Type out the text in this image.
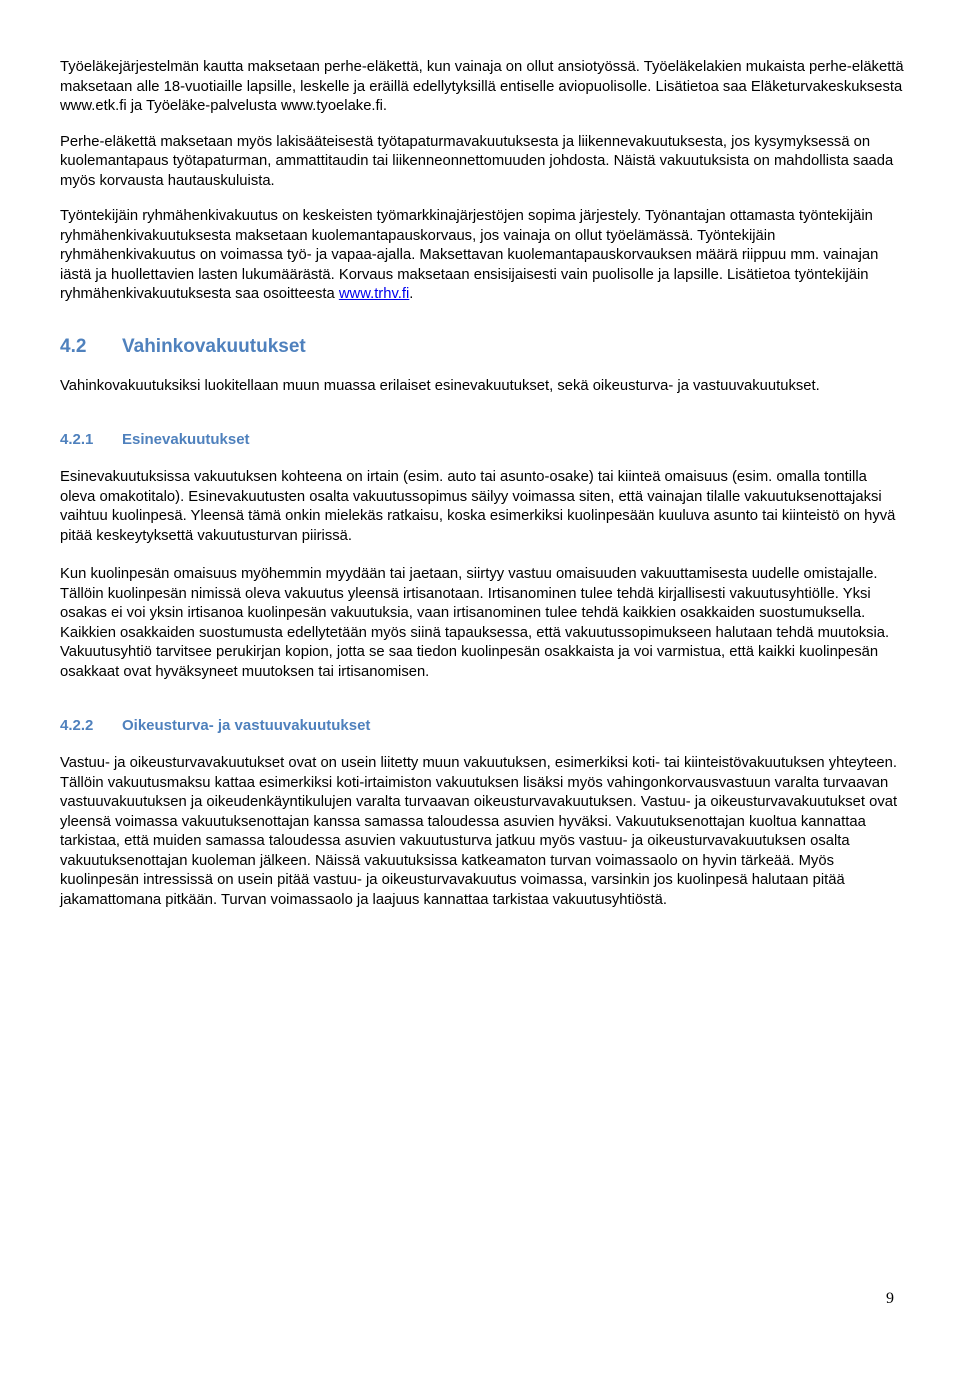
Työeläkejärjestelmän kautta maksetaan perhe-eläkettä, kun vainaja on ollut ansiotyössä. Työeläkelakien mukaista perhe-eläkettä maksetaan alle 18-vuotiaille lapsille, leskelle ja eräillä edellytyksillä entiselle aviopuolisolle. Lisätietoa saa Eläketurvakeskuksesta www.etk.fi ja Työeläke-palvelusta www.tyoelake.fi.

Perhe-eläkettä maksetaan myös lakisääteisestä työtapaturmavakuutuksesta ja liikennevakuutuksesta, jos kysymyksessä on kuolemantapaus työtapaturman, ammattitaudin tai liikenneonnettomuuden johdosta. Näistä vakuutuksista on mahdollista saada myös korvausta hautauskuluista.

Työntekijäin ryhmähenkivakuutus on keskeisten työmarkkinajärjestöjen sopima järjestely. Työnantajan ottamasta työntekijäin ryhmähenkivakuutuksesta maksetaan kuolemantapauskorvaus, jos vainaja on ollut työelämässä. Työntekijäin ryhmähenkivakuutus on voimassa työ- ja vapaa-ajalla. Maksettavan kuolemantapauskorvauksen määrä riippuu mm. vainajan iästä ja huollettavien lasten lukumäärästä. Korvaus maksetaan ensisijaisesti vain puolisolle ja lapsille. Lisätietoa työntekijäin ryhmähenkivakuutuksesta saa osoitteesta www.trhv.fi.

4.2 Vahinkovakuutukset

Vahinkovakuutuksiksi luokitellaan muun muassa erilaiset esinevakuutukset, sekä oikeusturva- ja vastuuvakuutukset.

4.2.1 Esinevakuutukset

Esinevakuutuksissa vakuutuksen kohteena on irtain (esim. auto tai asunto-osake) tai kiinteä omaisuus (esim. omalla tontilla oleva omakotitalo). Esinevakuutusten osalta vakuutussopimus säilyy voimassa siten, että vainajan tilalle vakuutuksenottajaksi vaihtuu kuolinpesä. Yleensä tämä onkin mielekäs ratkaisu, koska esimerkiksi kuolinpesään kuuluva asunto tai kiinteistö on hyvä pitää keskeytyksettä vakuutusturvan piirissä.

Kun kuolinpesän omaisuus myöhemmin myydään tai jaetaan, siirtyy vastuu omaisuuden vakuuttamisesta uudelle omistajalle. Tällöin kuolinpesän nimissä oleva vakuutus yleensä irtisanotaan. Irtisanominen tulee tehdä kirjallisesti vakuutusyhtiölle. Yksi osakas ei voi yksin irtisanoa kuolinpesän vakuutuksia, vaan irtisanominen tulee tehdä kaikkien osakkaiden suostumuksella. Kaikkien osakkaiden suostumusta edellytetään myös siinä tapauksessa, että vakuutussopimukseen halutaan tehdä muutoksia. Vakuutusyhtiö tarvitsee perukirjan kopion, jotta se saa tiedon kuolinpesän osakkaista ja voi varmistua, että kaikki kuolinpesän osakkaat ovat hyväksyneet muutoksen tai irtisanomisen.

4.2.2 Oikeusturva- ja vastuuvakuutukset

Vastuu- ja oikeusturvavakuutukset ovat on usein liitetty muun vakuutuksen, esimerkiksi koti- tai kiinteistövakuutuksen yhteyteen. Tällöin vakuutusmaksu kattaa esimerkiksi koti-irtaimiston vakuutuksen lisäksi myös vahingonkorvausvastuun varalta turvaavan vastuuvakuutuksen ja oikeudenkäyntikulujen varalta turvaavan oikeusturvavakuutuksen. Vastuu- ja oikeusturvavakuutukset ovat yleensä voimassa vakuutuksenottajan kanssa samassa taloudessa asuvien hyväksi. Vakuutuksenottajan kuoltua kannattaa tarkistaa, että muiden samassa taloudessa asuvien vakuutusturva jatkuu myös vastuu- ja oikeusturvavakuutuksen osalta vakuutuksenottajan kuoleman jälkeen. Näissä vakuutuksissa katkeamaton turvan voimassaolo on hyvin tärkeää. Myös kuolinpesän intressissä on usein pitää vastuu- ja oikeusturvavakuutus voimassa, varsinkin jos kuolinpesä halutaan pitää jakamattomana pitkään. Turvan voimassaolo ja laajuus kannattaa tarkistaa vakuutusyhtiöstä.

9
